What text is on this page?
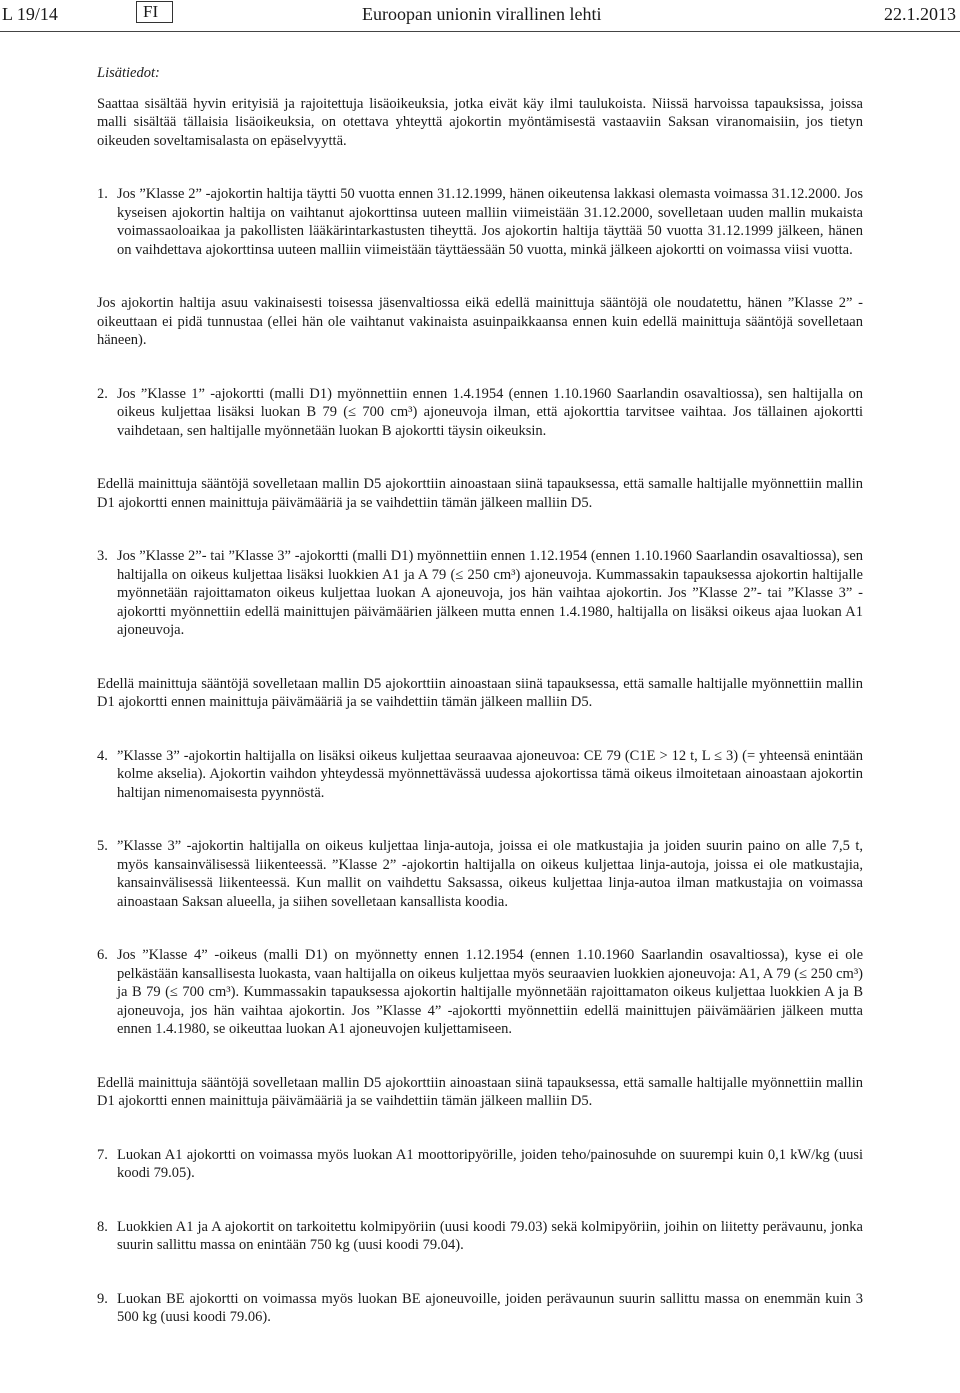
L 19/14	FI	Euroopan unionin virallinen lehti	22.1.2013
Lisätiedot:
Saattaa sisältää hyvin erityisiä ja rajoitettuja lisäoikeuksia, jotka eivät käy ilmi taulukoista. Niissä harvoissa tapauksissa, joissa malli sisältää tällaisia lisäoikeuksia, on otettava yhteyttä ajokortin myöntämisestä vastaaviin Saksan viranomaisiin, jos tietyn oikeuden soveltamisalasta on epäselvyyttä.
1. Jos ”Klasse 2” -ajokortin haltija täytti 50 vuotta ennen 31.12.1999, hänen oikeutensa lakkasi olemasta voimassa 31.12.2000. Jos kyseisen ajokortin haltija on vaihtanut ajokorttinsa uuteen malliin viimeistään 31.12.2000, sovelletaan uuden mallin mukaista voimassaoloaikaa ja pakollisten lääkärintarkastusten tiheyttä. Jos ajokortin haltija täyttää 50 vuotta 31.12.1999 jälkeen, hänen on vaihdettava ajokorttinsa uuteen malliin viimeistään täyttäessään 50 vuotta, minkä jälkeen ajokortti on voimassa viisi vuotta.
Jos ajokortin haltija asuu vakinaisesti toisessa jäsenvaltiossa eikä edellä mainittuja sääntöjä ole noudatettu, hänen ”Klasse 2” -oikeuttaan ei pidä tunnustaa (ellei hän ole vaihtanut vakinaista asuinpaikkaansa ennen kuin edellä mainittuja sääntöjä sovelletaan häneen).
2. Jos ”Klasse 1” -ajokortti (malli D1) myönnettiin ennen 1.4.1954 (ennen 1.10.1960 Saarlandin osavaltiossa), sen haltijalla on oikeus kuljettaa lisäksi luokan B 79 (≤ 700 cm³) ajoneuvoja ilman, että ajokorttia tarvitsee vaihtaa. Jos tällainen ajokortti vaihdetaan, sen haltijalle myönnetään luokan B ajokortti täysin oikeuksin.
Edellä mainittuja sääntöjä sovelletaan mallin D5 ajokorttiin ainoastaan siinä tapauksessa, että samalle haltijalle myönnettiin mallin D1 ajokortti ennen mainittuja päivämääriä ja se vaihdettiin tämän jälkeen malliin D5.
3. Jos ”Klasse 2”- tai ”Klasse 3” -ajokortti (malli D1) myönnettiin ennen 1.12.1954 (ennen 1.10.1960 Saarlandin osavaltiossa), sen haltijalla on oikeus kuljettaa lisäksi luokkien A1 ja A 79 (≤ 250 cm³) ajoneuvoja. Kummassakin tapauksessa ajokortin haltijalle myönnetään rajoittamaton oikeus kuljettaa luokan A ajoneuvoja, jos hän vaihtaa ajokortin. Jos ”Klasse 2”- tai ”Klasse 3” -ajokortti myönnettiin edellä mainittujen päivämäärien jälkeen mutta ennen 1.4.1980, haltijalla on lisäksi oikeus ajaa luokan A1 ajoneuvoja.
Edellä mainittuja sääntöjä sovelletaan mallin D5 ajokorttiin ainoastaan siinä tapauksessa, että samalle haltijalle myönnettiin mallin D1 ajokortti ennen mainittuja päivämääriä ja se vaihdettiin tämän jälkeen malliin D5.
4. ”Klasse 3” -ajokortin haltijalla on lisäksi oikeus kuljettaa seuraavaa ajoneuvoa: CE 79 (C1E > 12 t, L ≤ 3) (= yhteensä enintään kolme akselia). Ajokortin vaihdon yhteydessä myönnettävässä uudessa ajokortissa tämä oikeus ilmoitetaan ainoastaan ajokortin haltijan nimenomaisesta pyynnöstä.
5. ”Klasse 3” -ajokortin haltijalla on oikeus kuljettaa linja-autoja, joissa ei ole matkustajia ja joiden suurin paino on alle 7,5 t, myös kansainvälisessä liikenteessä. ”Klasse 2” -ajokortin haltijalla on oikeus kuljettaa linja-autoja, joissa ei ole matkustajia, kansainvälisessä liikenteessä. Kun mallit on vaihdettu Saksassa, oikeus kuljettaa linja-autoa ilman matkustajia on voimassa ainoastaan Saksan alueella, ja siihen sovelletaan kansallista koodia.
6. Jos ”Klasse 4” -oikeus (malli D1) on myönnetty ennen 1.12.1954 (ennen 1.10.1960 Saarlandin osavaltiossa), kyse ei ole pelkästään kansallisesta luokasta, vaan haltijalla on oikeus kuljettaa myös seuraavien luokkien ajoneuvoja: A1, A 79 (≤ 250 cm³) ja B 79 (≤ 700 cm³). Kummassakin tapauksessa ajokortin haltijalle myönnetään rajoittamaton oikeus kuljettaa luokkien A ja B ajoneuvoja, jos hän vaihtaa ajokortin. Jos ”Klasse 4” -ajokortti myönnettiin edellä mainittujen päivämäärien jälkeen mutta ennen 1.4.1980, se oikeuttaa luokan A1 ajoneuvojen kuljettamiseen.
Edellä mainittuja sääntöjä sovelletaan mallin D5 ajokorttiin ainoastaan siinä tapauksessa, että samalle haltijalle myönnettiin mallin D1 ajokortti ennen mainittuja päivämääriä ja se vaihdettiin tämän jälkeen malliin D5.
7. Luokan A1 ajokortti on voimassa myös luokan A1 moottoripyörille, joiden teho/painosuhde on suurempi kuin 0,1 kW/kg (uusi koodi 79.05).
8. Luokkien A1 ja A ajokortit on tarkoitettu kolmipyöriin (uusi koodi 79.03) sekä kolmipyöriin, joihin on liitetty perävaunu, jonka suurin sallittu massa on enintään 750 kg (uusi koodi 79.04).
9. Luokan BE ajokortti on voimassa myös luokan BE ajoneuvoille, joiden perävaunun suurin sallittu massa on enemmän kuin 3 500 kg (uusi koodi 79.06).
